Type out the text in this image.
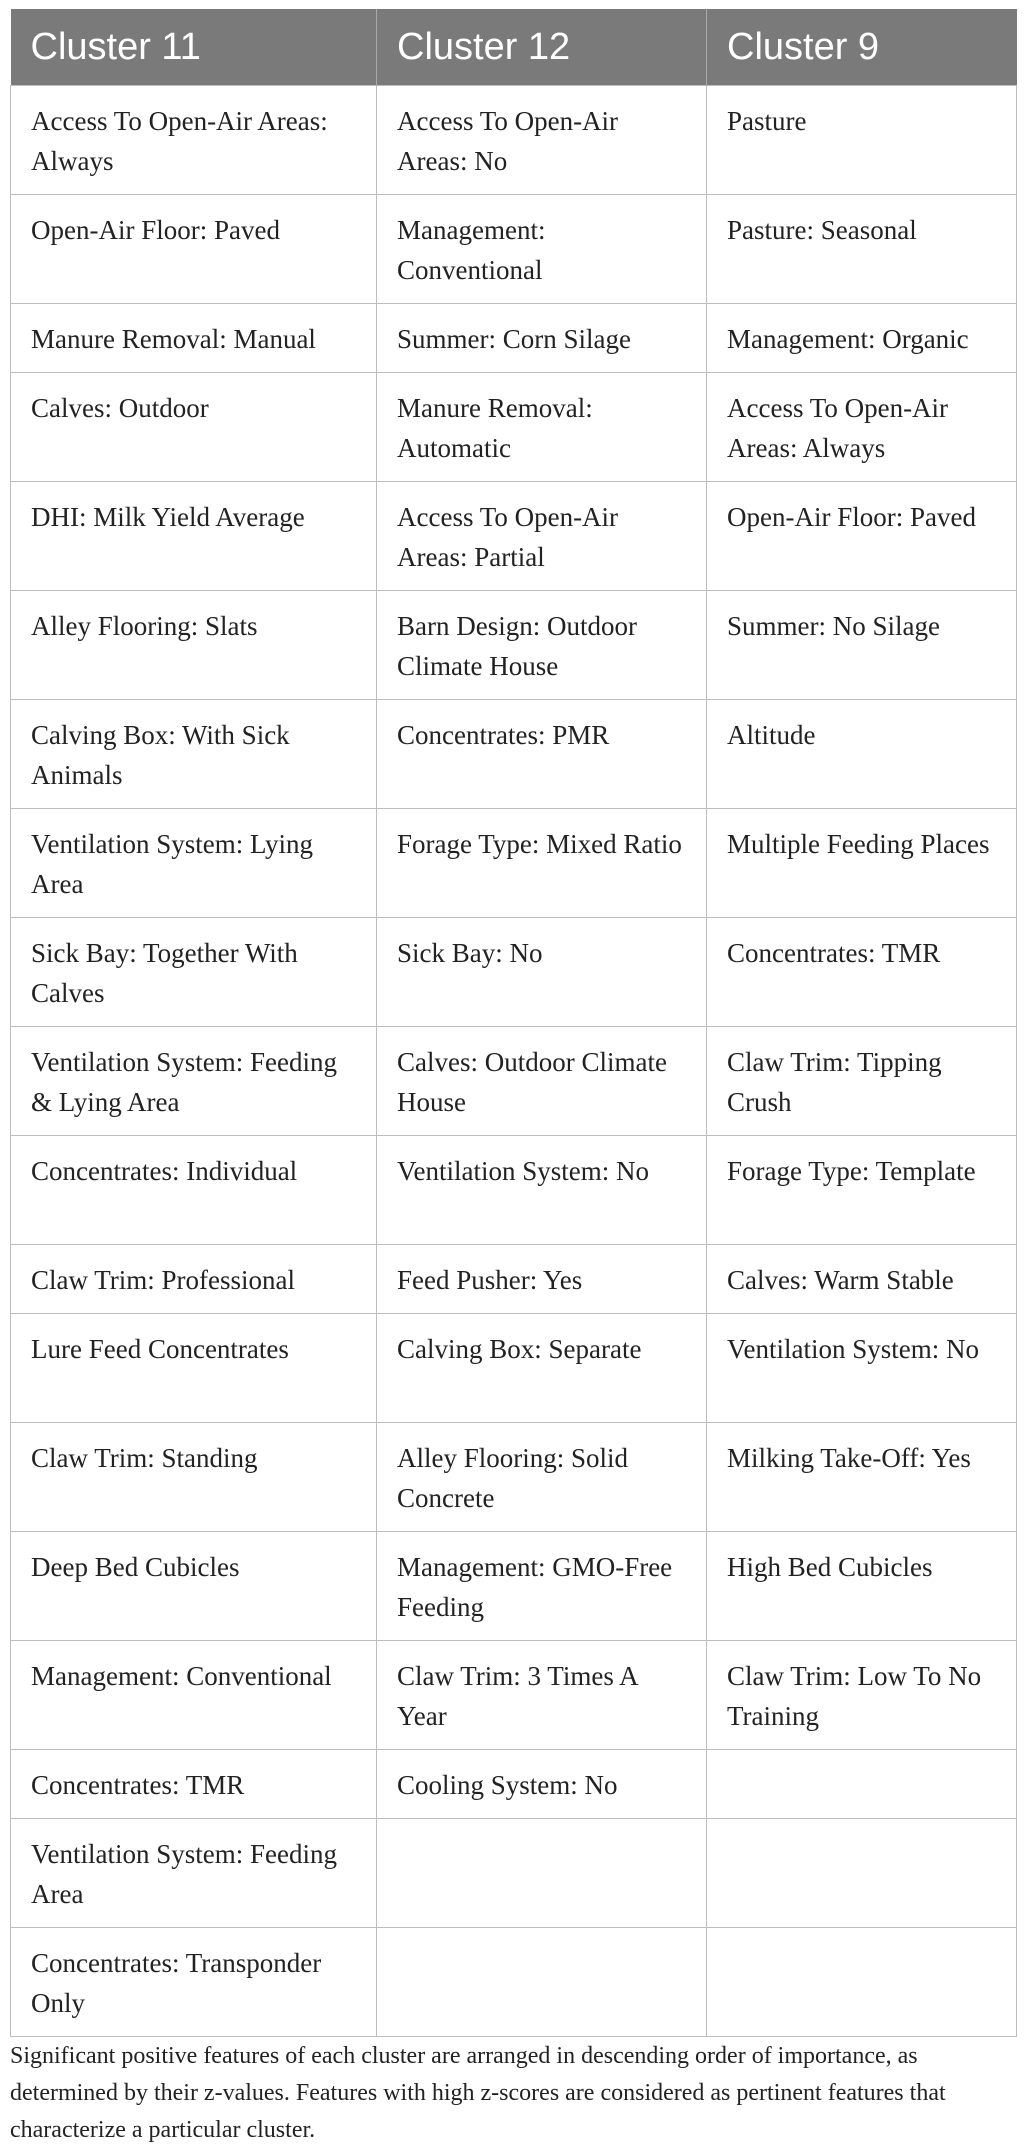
Cluster 11	Cluster 12	Cluster 9
Access To Open-Air Areas: Always	Access To Open-Air Areas: No	Pasture
Open-Air Floor: Paved	Management: Conventional	Pasture: Seasonal
Manure Removal: Manual	Summer: Corn Silage	Management: Organic
Calves: Outdoor	Manure Removal: Automatic	Access To Open-Air Areas: Always
DHI: Milk Yield Average	Access To Open-Air Areas: Partial	Open-Air Floor: Paved
Alley Flooring: Slats	Barn Design: Outdoor Climate House	Summer: No Silage
Calving Box: With Sick Animals	Concentrates: PMR	Altitude
Ventilation System: Lying Area	Forage Type: Mixed Ratio	Multiple Feeding Places
Sick Bay: Together With Calves	Sick Bay: No	Concentrates: TMR
Ventilation System: Feeding & Lying Area	Calves: Outdoor Climate House	Claw Trim: Tipping Crush
Concentrates: Individual	Ventilation System: No	Forage Type: Template
Claw Trim: Professional	Feed Pusher: Yes	Calves: Warm Stable
Lure Feed Concentrates	Calving Box: Separate	Ventilation System: No
Claw Trim: Standing	Alley Flooring: Solid Concrete	Milking Take-Off: Yes
Deep Bed Cubicles	Management: GMO-Free Feeding	High Bed Cubicles
Management: Conventional	Claw Trim: 3 Times A Year	Claw Trim: Low To No Training
Concentrates: TMR	Cooling System: No	
Ventilation System: Feeding Area		
Concentrates: Transponder Only		

Significant positive features of each cluster are arranged in descending order of importance, as determined by their z-values. Features with high z-scores are considered as pertinent features that characterize a particular cluster.
